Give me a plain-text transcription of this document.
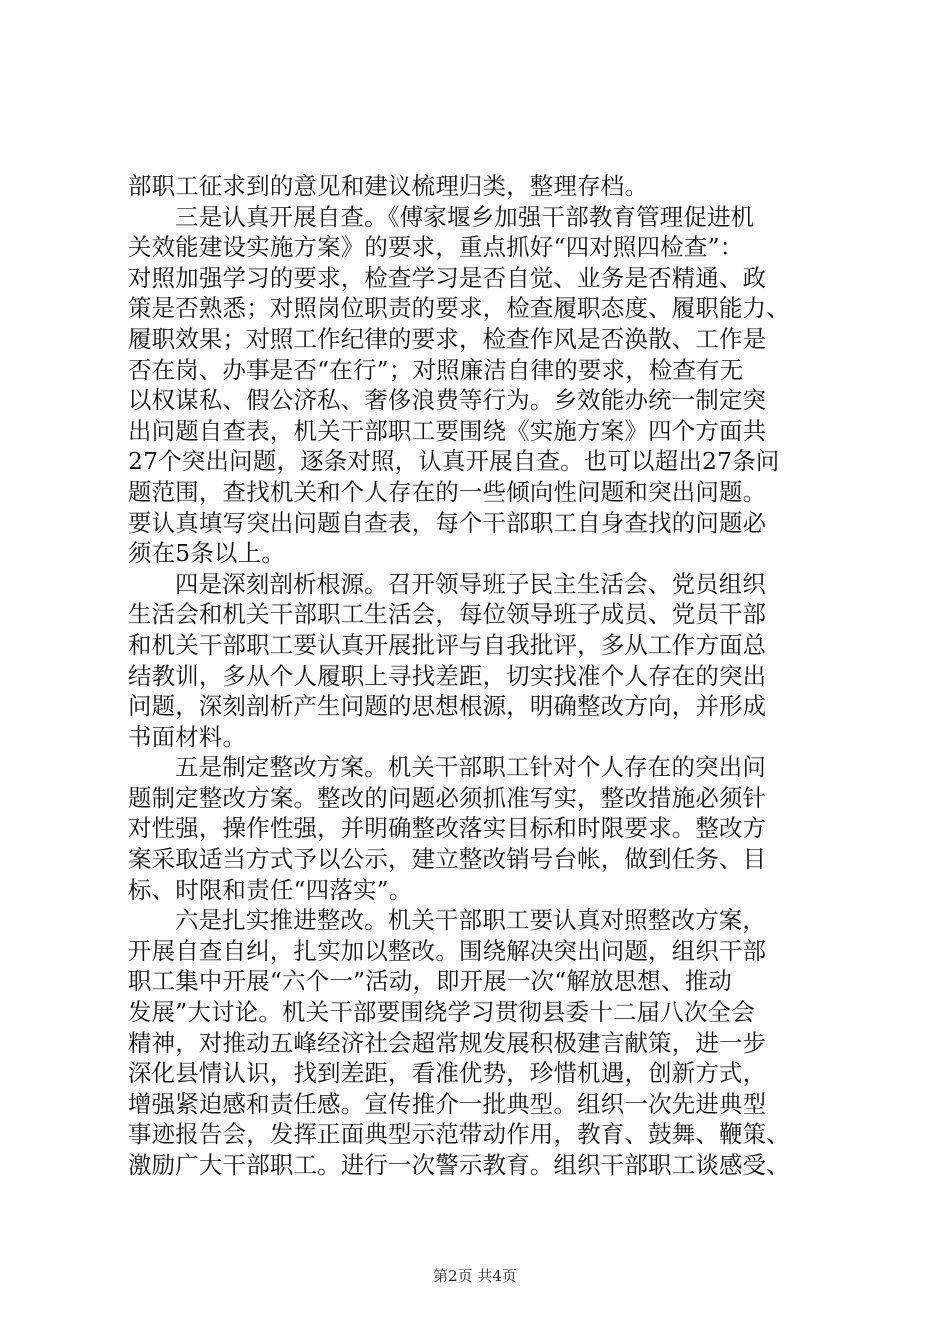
部职工征求到的意见和建议梳理归类，整理存档。
三是认真开展自查。《傅家堰乡加强干部教育管理促进机
关效能建设实施方案》的要求，重点抓好“四对照四检查”：
对照加强学习的要求，检查学习是否自觉、业务是否精通、政
策是否熟悉；对照岗位职责的要求，检查履职态度、履职能力、
履职效果；对照工作纪律的要求，检查作风是否涣散、工作是
否在岗、办事是否“在行”；对照廉洁自律的要求，检查有无
以权谋私、假公济私、奢侈浪费等行为。乡效能办统一制定突
出问题自查表，机关干部职工要围绕《实施方案》四个方面共
27个突出问题，逐条对照，认真开展自查。也可以超出27条问
题范围，查找机关和个人存在的一些倾向性问题和突出问题。
要认真填写突出问题自查表，每个干部职工自身查找的问题必
须在5条以上。
四是深刻剖析根源。召开领导班子民主生活会、党员组织
生活会和机关干部职工生活会，每位领导班子成员、党员干部
和机关干部职工要认真开展批评与自我批评，多从工作方面总
结教训，多从个人履职上寻找差距，切实找准个人存在的突出
问题，深刻剖析产生问题的思想根源，明确整改方向，并形成
书面材料。
五是制定整改方案。机关干部职工针对个人存在的突出问
题制定整改方案。整改的问题必须抓准写实，整改措施必须针
对性强，操作性强，并明确整改落实目标和时限要求。整改方
案采取适当方式予以公示，建立整改销号台帐，做到任务、目
标、时限和责任“四落实”。
六是扎实推进整改。机关干部职工要认真对照整改方案，
开展自查自纠，扎实加以整改。围绕解决突出问题，组织干部
职工集中开展“六个一”活动，即开展一次“解放思想、推动
发展”大讨论。机关干部要围绕学习贯彻县委十二届八次全会
精神，对推动五峰经济社会超常规发展积极建言献策，进一步
深化县情认识，找到差距，看准优势，珍惜机遇，创新方式，
增强紧迫感和责任感。宣传推介一批典型。组织一次先进典型
事迹报告会，发挥正面典型示范带动作用，教育、鼓舞、鞭策、
激励广大干部职工。进行一次警示教育。组织干部职工谈感受、
第2页 共4页
